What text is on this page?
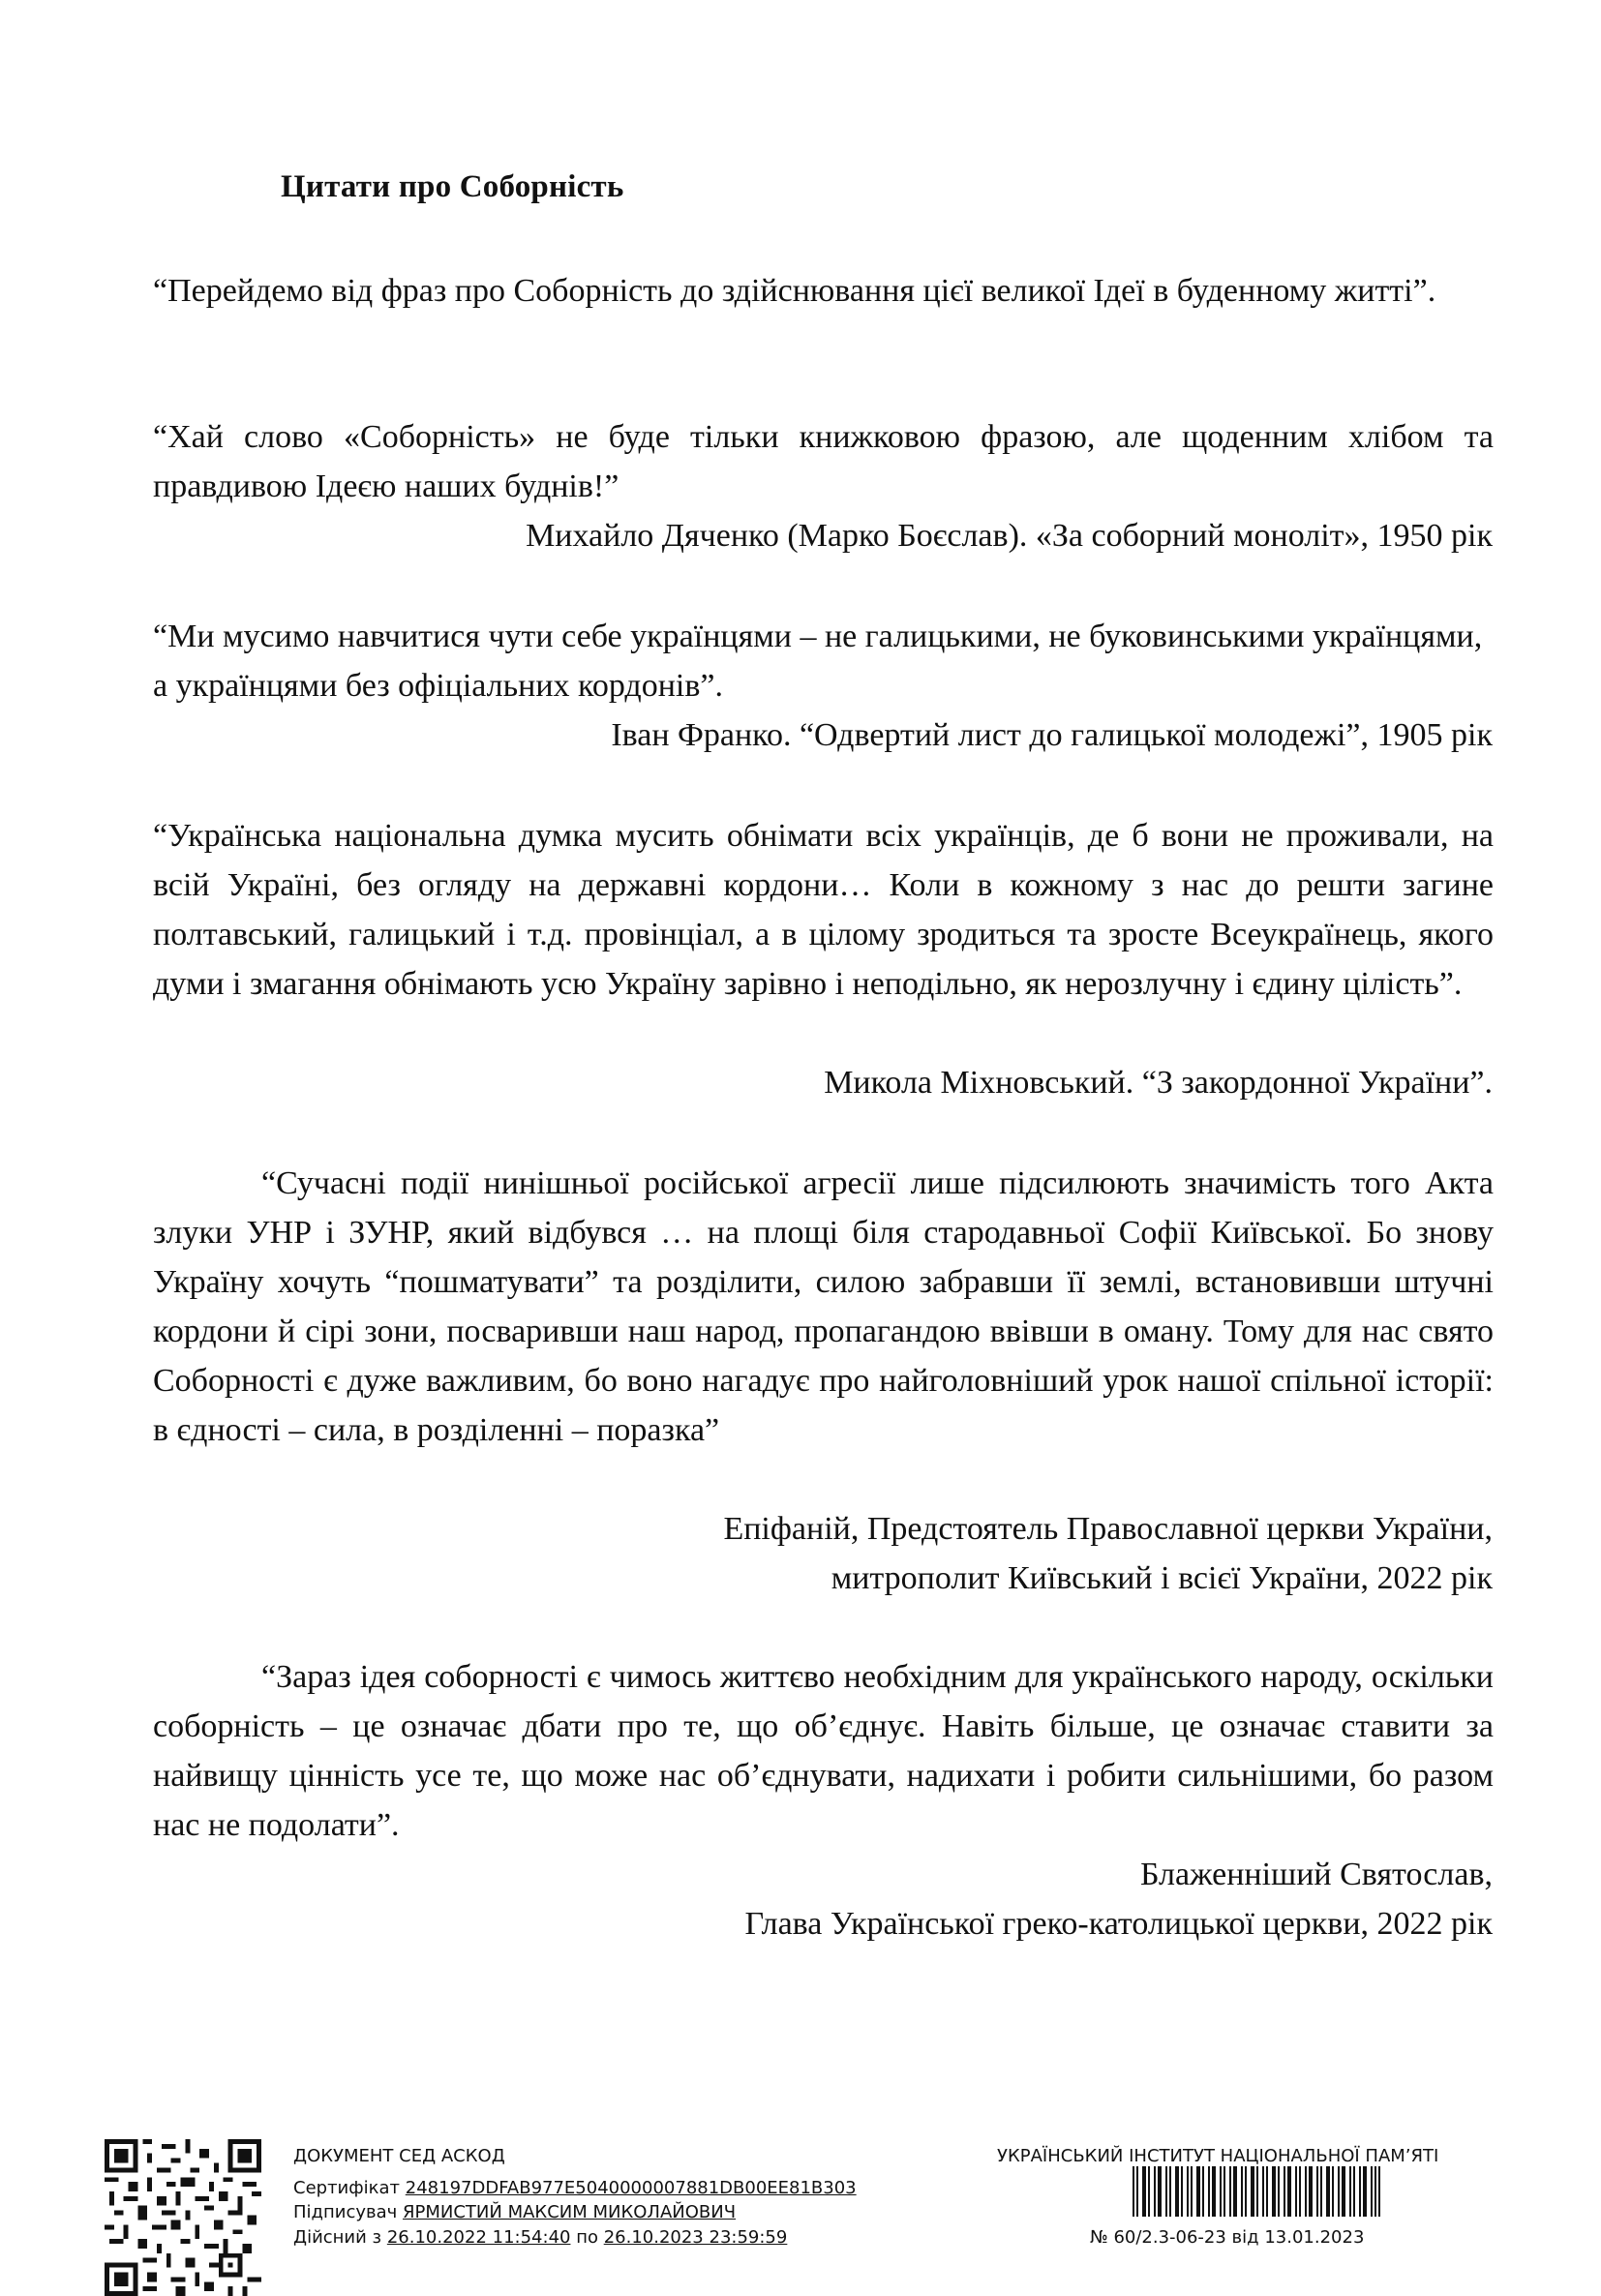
Цитати про Соборність

“Перейдемо від фраз про Соборність до здійснювання цієї великої Ідеї в буденному житті”.

“Хай слово «Соборність» не буде тільки книжковою фразою, але щоденним хлібом та правдивою Ідеєю наших буднів!”

Михайло Дяченко (Марко Боєслав). «За соборний моноліт», 1950 рік

“Ми мусимо навчитися чути себе українцями – не галицькими, не буковинськими українцями, а українцями без офіціальних кордонів”.

Іван Франко. “Одвертий лист до галицької молодежі”, 1905 рік

“Українська національна думка мусить обнімати всіх українців, де б вони не проживали, на всій Україні, без огляду на державні кордони… Коли в кожному з нас до решти загине полтавський, галицький і т.д. провінціал, а в цілому зродиться та зросте Всеукраїнець, якого думи і змагання обнімають усю Україну зарівно і неподільно, як нерозлучну і єдину цілість”.

Микола Міхновський. “З закордонної України”.

“Сучасні події нинішньої російської агресії лише підсилюють значимість того Акта злуки УНР і ЗУНР, який відбувся … на площі біля стародавньої Софії Київської. Бо знову Україну хочуть “пошматувати” та розділити, силою забравши її землі, встановивши штучні кордони й сірі зони, посваривши наш народ, пропагандою ввівши в оману. Тому для нас свято Соборності є дуже важливим, бо воно нагадує про найголовніший урок нашої спільної історії: в єдності – сила, в розділенні – поразка”

Епіфаній, Предстоятель Православної церкви України,
митрополит Київський і всієї України, 2022 рік

“Зараз ідея соборності є чимось життєво необхідним для українського народу, оскільки соборність – це означає дбати про те, що об’єднує. Навіть більше, це означає ставити за найвищу цінність усе те, що може нас об’єднувати, надихати і робити сильнішими, бо разом нас не подолати”.

Блаженніший Святослав,
Глава Української греко-католицької церкви, 2022 рік
ДОКУМЕНТ СЕД АСКОД
Сертифікат 248197DDFAB977E5040000007881DB00EE81B303
Підписувач ЯРМИСТИЙ МАКСИМ МИКОЛАЙОВИЧ
Дійсний з 26.10.2022 11:54:40 по 26.10.2023 23:59:59
УКРАЇНСЬКИЙ ІНСТИТУТ НАЦІОНАЛЬНОЇ ПАМ’ЯТІ
№ 60/2.3-06-23 від 13.01.2023
